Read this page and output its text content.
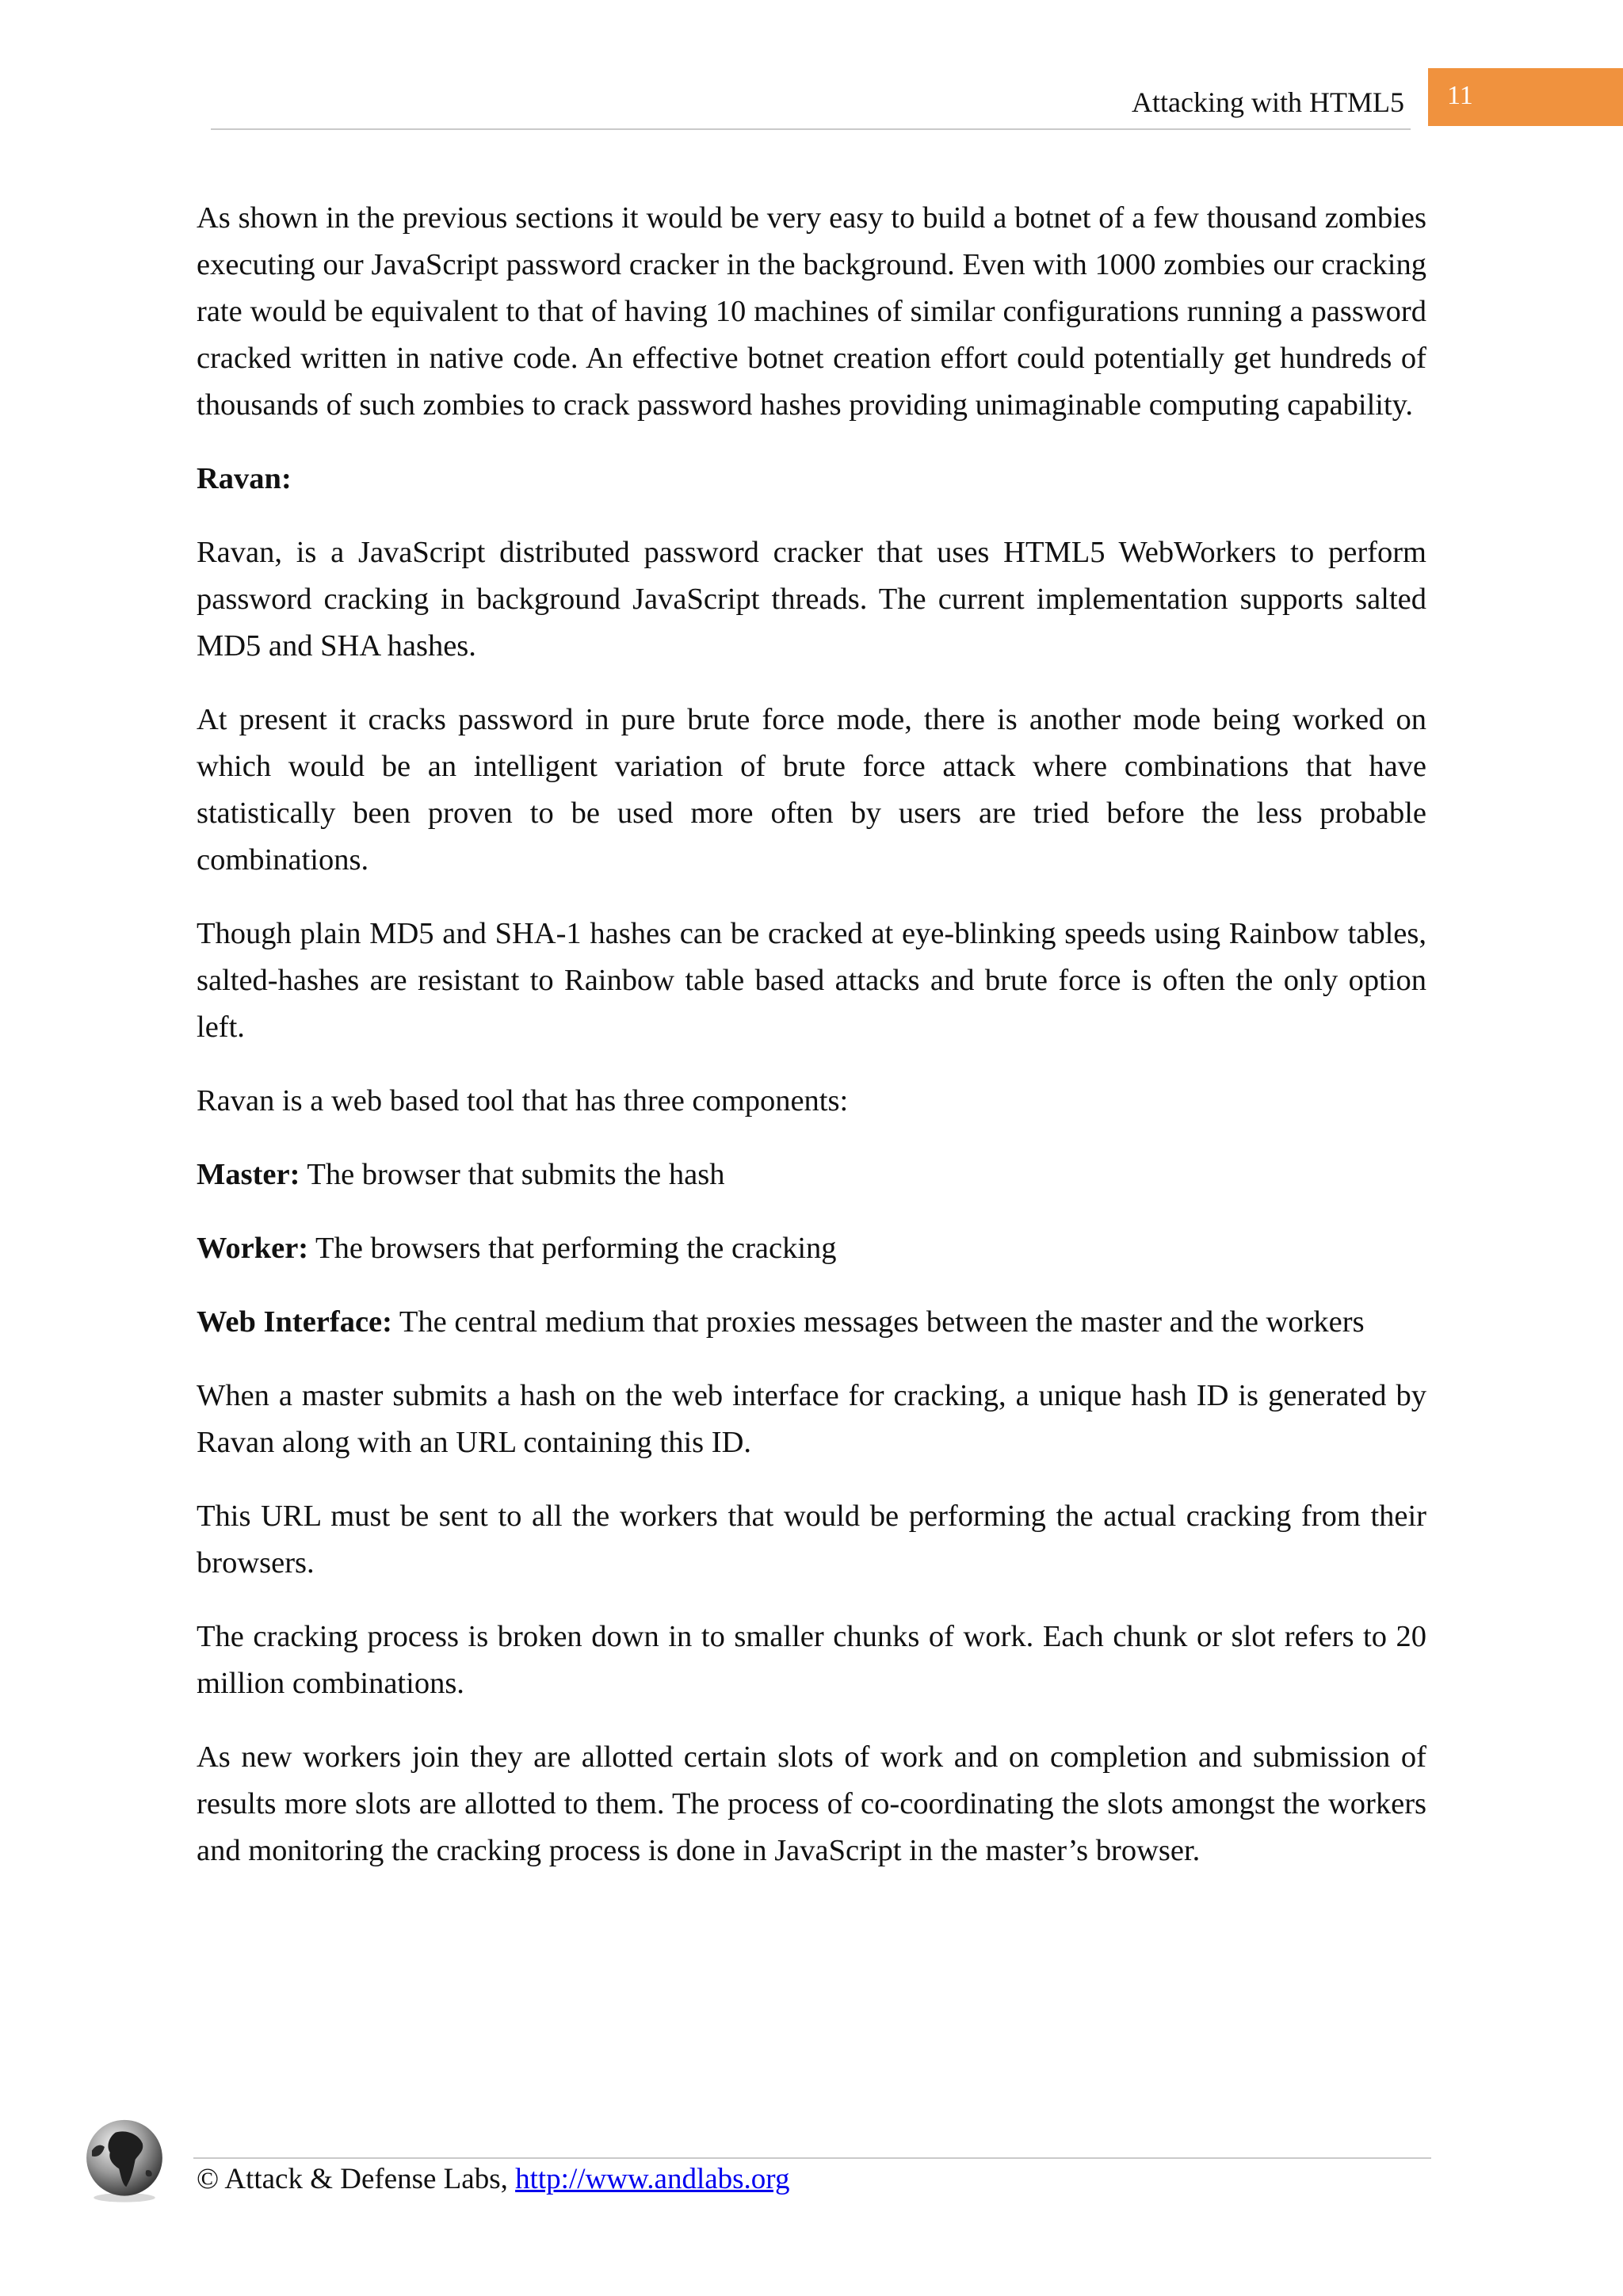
Attacking with HTML5 11

As shown in the previous sections it would be very easy to build a botnet of a few thousand zombies executing our JavaScript password cracker in the background. Even with 1000 zombies our cracking rate would be equivalent to that of having 10 machines of similar configurations running a password cracked written in native code. An effective botnet creation effort could potentially get hundreds of thousands of such zombies to crack password hashes providing unimaginable computing capability.

Ravan:

Ravan, is a JavaScript distributed password cracker that uses HTML5 WebWorkers to perform password cracking in background JavaScript threads. The current implementation supports salted MD5 and SHA hashes.

At present it cracks password in pure brute force mode, there is another mode being worked on which would be an intelligent variation of brute force attack where combinations that have statistically been proven to be used more often by users are tried before the less probable combinations.

Though plain MD5 and SHA-1 hashes can be cracked at eye-blinking speeds using Rainbow tables, salted-hashes are resistant to Rainbow table based attacks and brute force is often the only option left.

Ravan is a web based tool that has three components:

Master: The browser that submits the hash

Worker: The browsers that performing the cracking

Web Interface: The central medium that proxies messages between the master and the workers

When a master submits a hash on the web interface for cracking, a unique hash ID is generated by Ravan along with an URL containing this ID.

This URL must be sent to all the workers that would be performing the actual cracking from their browsers.

The cracking process is broken down in to smaller chunks of work. Each chunk or slot refers to 20 million combinations.

As new workers join they are allotted certain slots of work and on completion and submission of results more slots are allotted to them. The process of co-coordinating the slots amongst the workers and monitoring the cracking process is done in JavaScript in the master’s browser.

© Attack & Defense Labs, http://www.andlabs.org
